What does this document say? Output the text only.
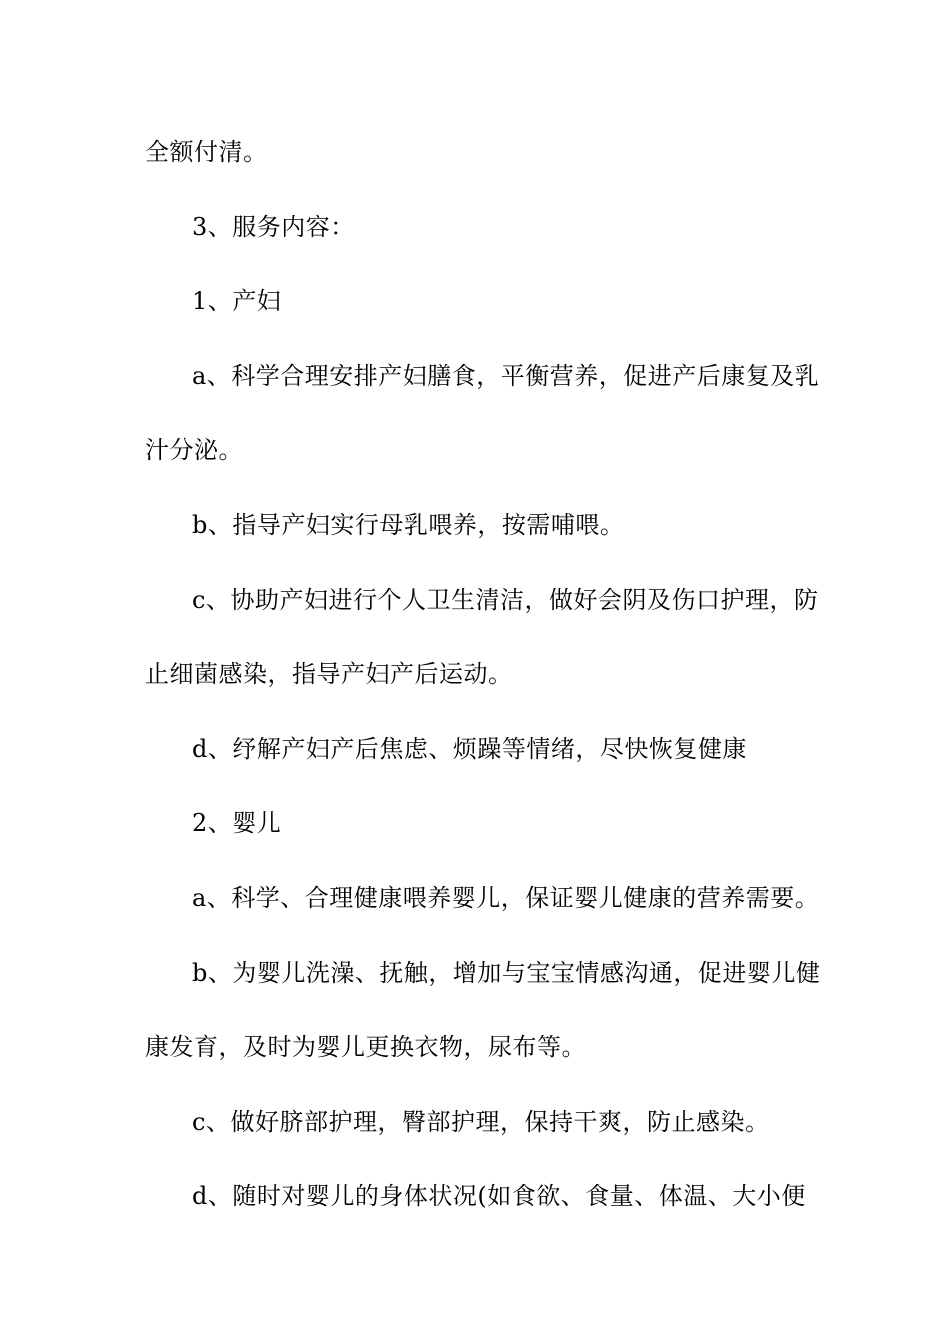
全额付清。
3、服务内容：
1、产妇
a、科学合理安排产妇膳食，平衡营养，促进产后康复及乳
汁分泌。
b、指导产妇实行母乳喂养，按需哺喂。
c、协助产妇进行个人卫生清洁，做好会阴及伤口护理，防
止细菌感染，指导产妇产后运动。
d、纾解产妇产后焦虑、烦躁等情绪，尽快恢复健康
2、婴儿
a、科学、合理健康喂养婴儿，保证婴儿健康的营养需要。
b、为婴儿洗澡、抚触，增加与宝宝情感沟通，促进婴儿健
康发育，及时为婴儿更换衣物，尿布等。
c、做好脐部护理，臀部护理，保持干爽，防止感染。
d、随时对婴儿的身体状况(如食欲、食量、体温、大小便
